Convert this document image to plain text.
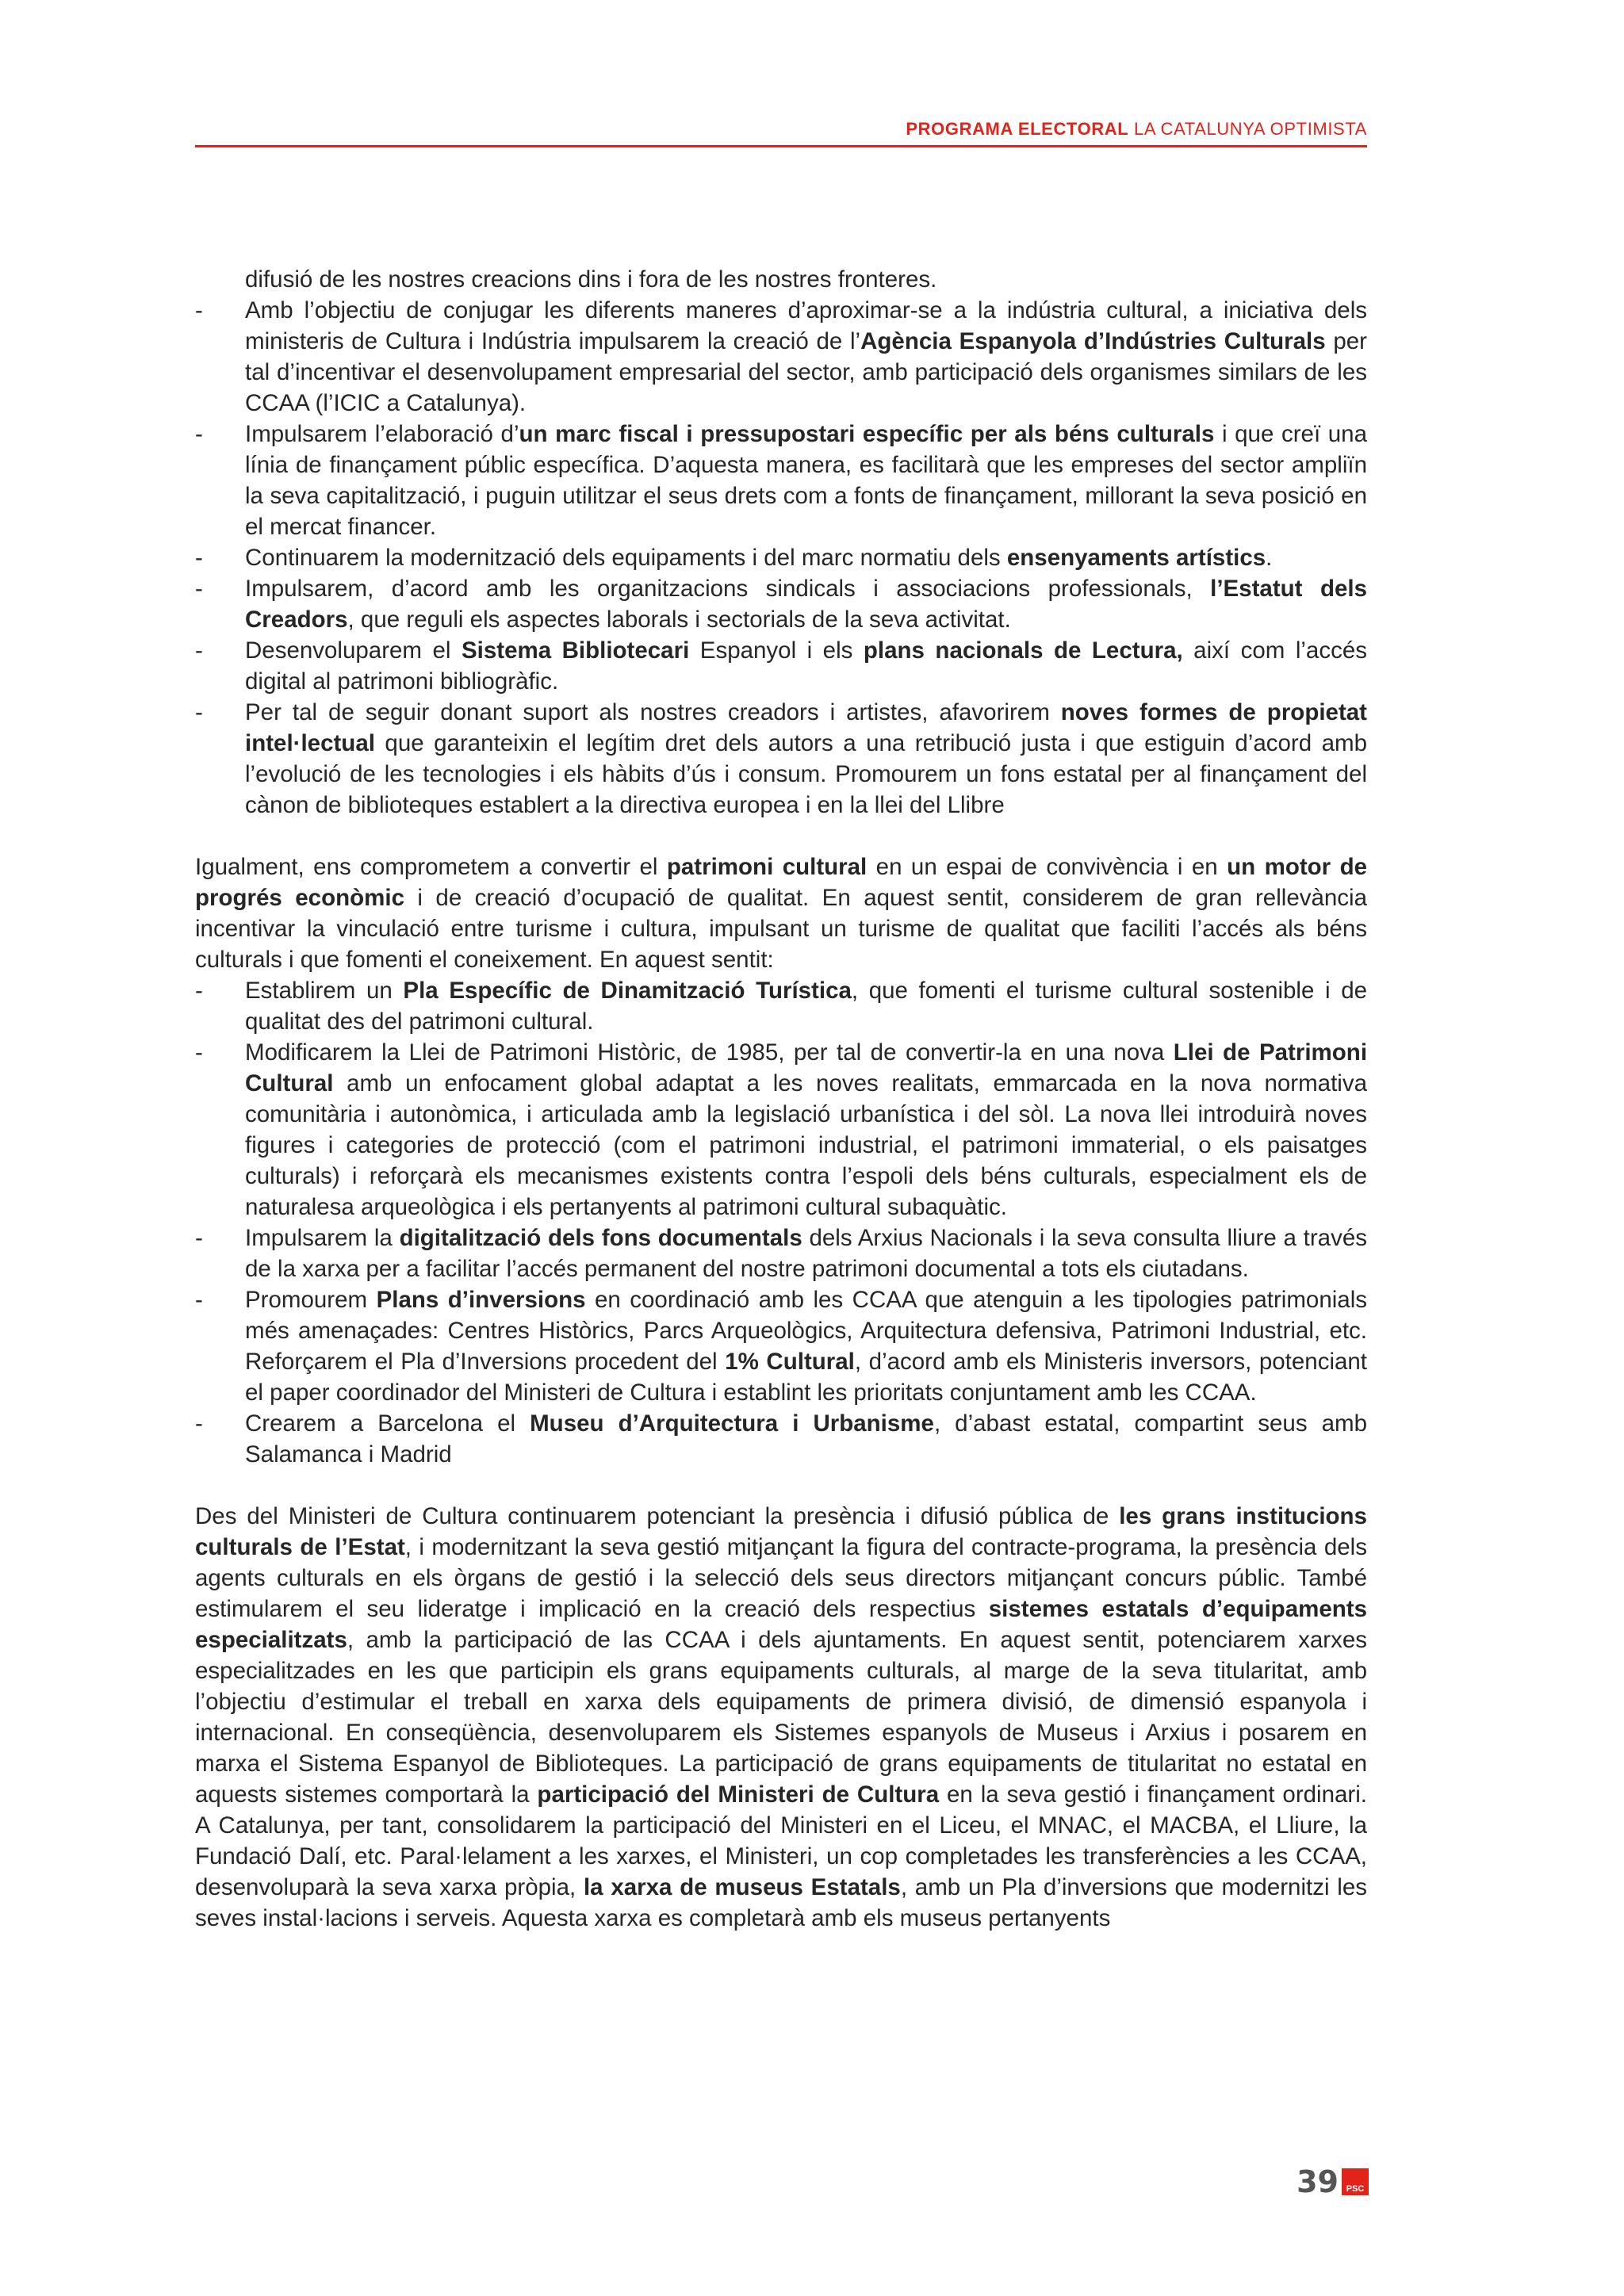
PROGRAMA ELECTORAL LA CATALUNYA OPTIMISTA

difusió de les nostres creacions dins i fora de les nostres fronteres.

- Amb l’objectiu de conjugar les diferents maneres d’aproximar-se a la indústria cultural, a iniciativa dels ministeris de Cultura i Indústria impulsarem la creació de l’Agència Espanyola d’Indústries Culturals per tal d’incentivar el desenvolupament empresarial del sector, amb participació dels organismes similars de les CCAA (l’ICIC a Catalunya).

- Impulsarem l’elaboració d’un marc fiscal i pressupostari específic per als béns culturals i que creï una línia de finançament públic específica. D’aquesta manera, es facilitarà que les empreses del sector ampliïn la seva capitalització, i puguin utilitzar el seus drets com a fonts de finançament, millorant la seva posició en el mercat financer.

- Continuarem la modernització dels equipaments i del marc normatiu dels ensenyaments artístics.

- Impulsarem, d’acord amb les organitzacions sindicals i associacions professionals, l’Estatut dels Creadors, que reguli els aspectes laborals i sectorials de la seva activitat.

- Desenvoluparem el Sistema Bibliotecari Espanyol i els plans nacionals de Lectura, així com l’accés digital al patrimoni bibliogràfic.

- Per tal de seguir donant suport als nostres creadors i artistes, afavorirem noves formes de propietat intel·lectual que garanteixin el legítim dret dels autors a una retribució justa i que estiguin d’acord amb l’evolució de les tecnologies i els hàbits d’ús i consum. Promourem un fons estatal per al finançament del cànon de biblioteques establert a la directiva europea i en la llei del Llibre

Igualment, ens comprometem a convertir el patrimoni cultural en un espai de convivència i en un motor de progrés econòmic i de creació d’ocupació de qualitat. En aquest sentit, considerem de gran rellevància incentivar la vinculació entre turisme i cultura, impulsant un turisme de qualitat que faciliti l’accés als béns culturals i que fomenti el coneixement. En aquest sentit:

- Establirem un Pla Específic de Dinamització Turística, que fomenti el turisme cultural sostenible i de qualitat des del patrimoni cultural.

- Modificarem la Llei de Patrimoni Històric, de 1985, per tal de convertir-la en una nova Llei de Patrimoni Cultural amb un enfocament global adaptat a les noves realitats, emmarcada en la nova normativa comunitària i autonòmica, i articulada amb la legislació urbanística i del sòl. La nova llei introduirà noves figures i categories de protecció (com el patrimoni industrial, el patrimoni immaterial, o els paisatges culturals) i reforçarà els mecanismes existents contra l’espoli dels béns culturals, especialment els de naturalesa arqueològica i els pertanyents al patrimoni cultural subaquàtic.

- Impulsarem la digitalització dels fons documentals dels Arxius Nacionals i la seva consulta lliure a través de la xarxa per a facilitar l’accés permanent del nostre patrimoni documental a tots els ciutadans.

- Promourem Plans d’inversions en coordinació amb les CCAA que atenguin a les tipologies patrimonials més amenaçades: Centres Històrics, Parcs Arqueològics, Arquitectura defensiva, Patrimoni Industrial, etc. Reforçarem el Pla d’Inversions procedent del 1% Cultural, d’acord amb els Ministeris inversors, potenciant el paper coordinador del Ministeri de Cultura i establint les prioritats conjuntament amb les CCAA.

- Crearem a Barcelona el Museu d’Arquitectura i Urbanisme, d’abast estatal, compartint seus amb Salamanca i Madrid

Des del Ministeri de Cultura continuarem potenciant la presència i difusió pública de les grans institucions culturals de l’Estat, i modernitzant la seva gestió mitjançant la figura del contracte-programa, la presència dels agents culturals en els òrgans de gestió i la selecció dels seus directors mitjançant concurs públic. També estimularem el seu lideratge i implicació en la creació dels respectius sistemes estatals d’equipaments especialitzats, amb la participació de las CCAA i dels ajuntaments. En aquest sentit, potenciarem xarxes especialitzades en les que participin els grans equipaments culturals, al marge de la seva titularitat, amb l’objectiu d’estimular el treball en xarxa dels equipaments de primera divisió, de dimensió espanyola i internacional. En conseqüència, desenvoluparem els Sistemes espanyols de Museus i Arxius i posarem en marxa el Sistema Espanyol de Biblioteques. La participació de grans equipaments de titularitat no estatal en aquests sistemes comportarà la participació del Ministeri de Cultura en la seva gestió i finançament ordinari. A Catalunya, per tant, consolidarem la participació del Ministeri en el Liceu, el MNAC, el MACBA, el Lliure, la Fundació Dalí, etc. Paral·lelament a les xarxes, el Ministeri, un cop completades les transferències a les CCAA, desenvoluparà la seva xarxa pròpia, la xarxa de museus Estatals, amb un Pla d’inversions que modernitzi les seves instal·lacions i serveis. Aquesta xarxa es completarà amb els museus pertanyents

39 PSC
